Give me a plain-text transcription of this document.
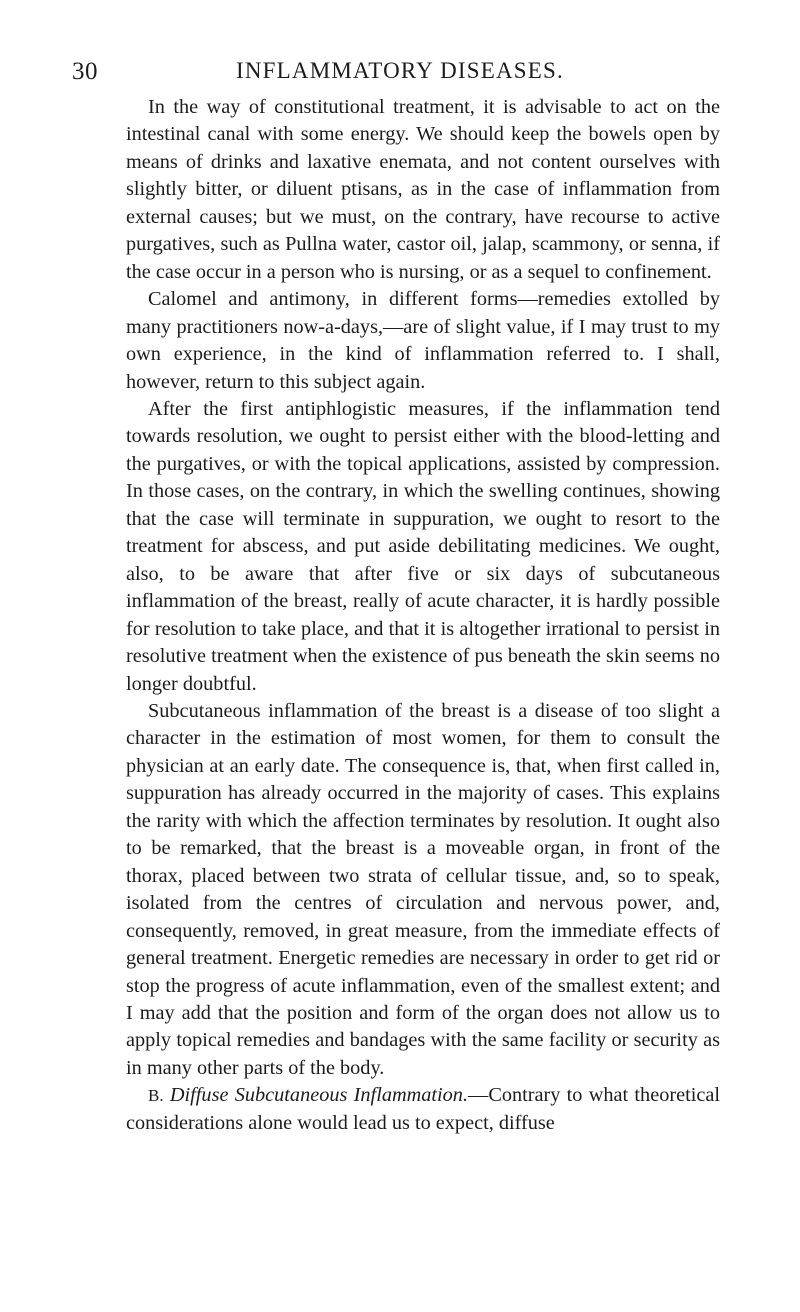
30	INFLAMMATORY DISEASES.

In the way of constitutional treatment, it is advisable to act on the intestinal canal with some energy. We should keep the bowels open by means of drinks and laxative enemata, and not content ourselves with slightly bitter, or diluent ptisans, as in the case of inflammation from external causes; but we must, on the contrary, have recourse to active purgatives, such as Pullna water, castor oil, jalap, scammony, or senna, if the case occur in a person who is nursing, or as a sequel to confinement.

Calomel and antimony, in different forms—remedies extolled by many practitioners now-a-days,—are of slight value, if I may trust to my own experience, in the kind of inflammation referred to. I shall, however, return to this subject again.

After the first antiphlogistic measures, if the inflammation tend towards resolution, we ought to persist either with the blood-letting and the purgatives, or with the topical applications, assisted by compression. In those cases, on the contrary, in which the swelling continues, showing that the case will terminate in suppuration, we ought to resort to the treatment for abscess, and put aside debilitating medicines. We ought, also, to be aware that after five or six days of subcutaneous inflammation of the breast, really of acute character, it is hardly possible for resolution to take place, and that it is altogether irrational to persist in resolutive treatment when the existence of pus beneath the skin seems no longer doubtful.

Subcutaneous inflammation of the breast is a disease of too slight a character in the estimation of most women, for them to consult the physician at an early date. The consequence is, that, when first called in, suppuration has already occurred in the majority of cases. This explains the rarity with which the affection terminates by resolution. It ought also to be remarked, that the breast is a moveable organ, in front of the thorax, placed between two strata of cellular tissue, and, so to speak, isolated from the centres of circulation and nervous power, and, consequently, removed, in great measure, from the immediate effects of general treatment. Energetic remedies are necessary in order to get rid or stop the progress of acute inflammation, even of the smallest extent; and I may add that the position and form of the organ does not allow us to apply topical remedies and bandages with the same facility or security as in many other parts of the body.

B. Diffuse Subcutaneous Inflammation.—Contrary to what theoretical considerations alone would lead us to expect, diffuse
